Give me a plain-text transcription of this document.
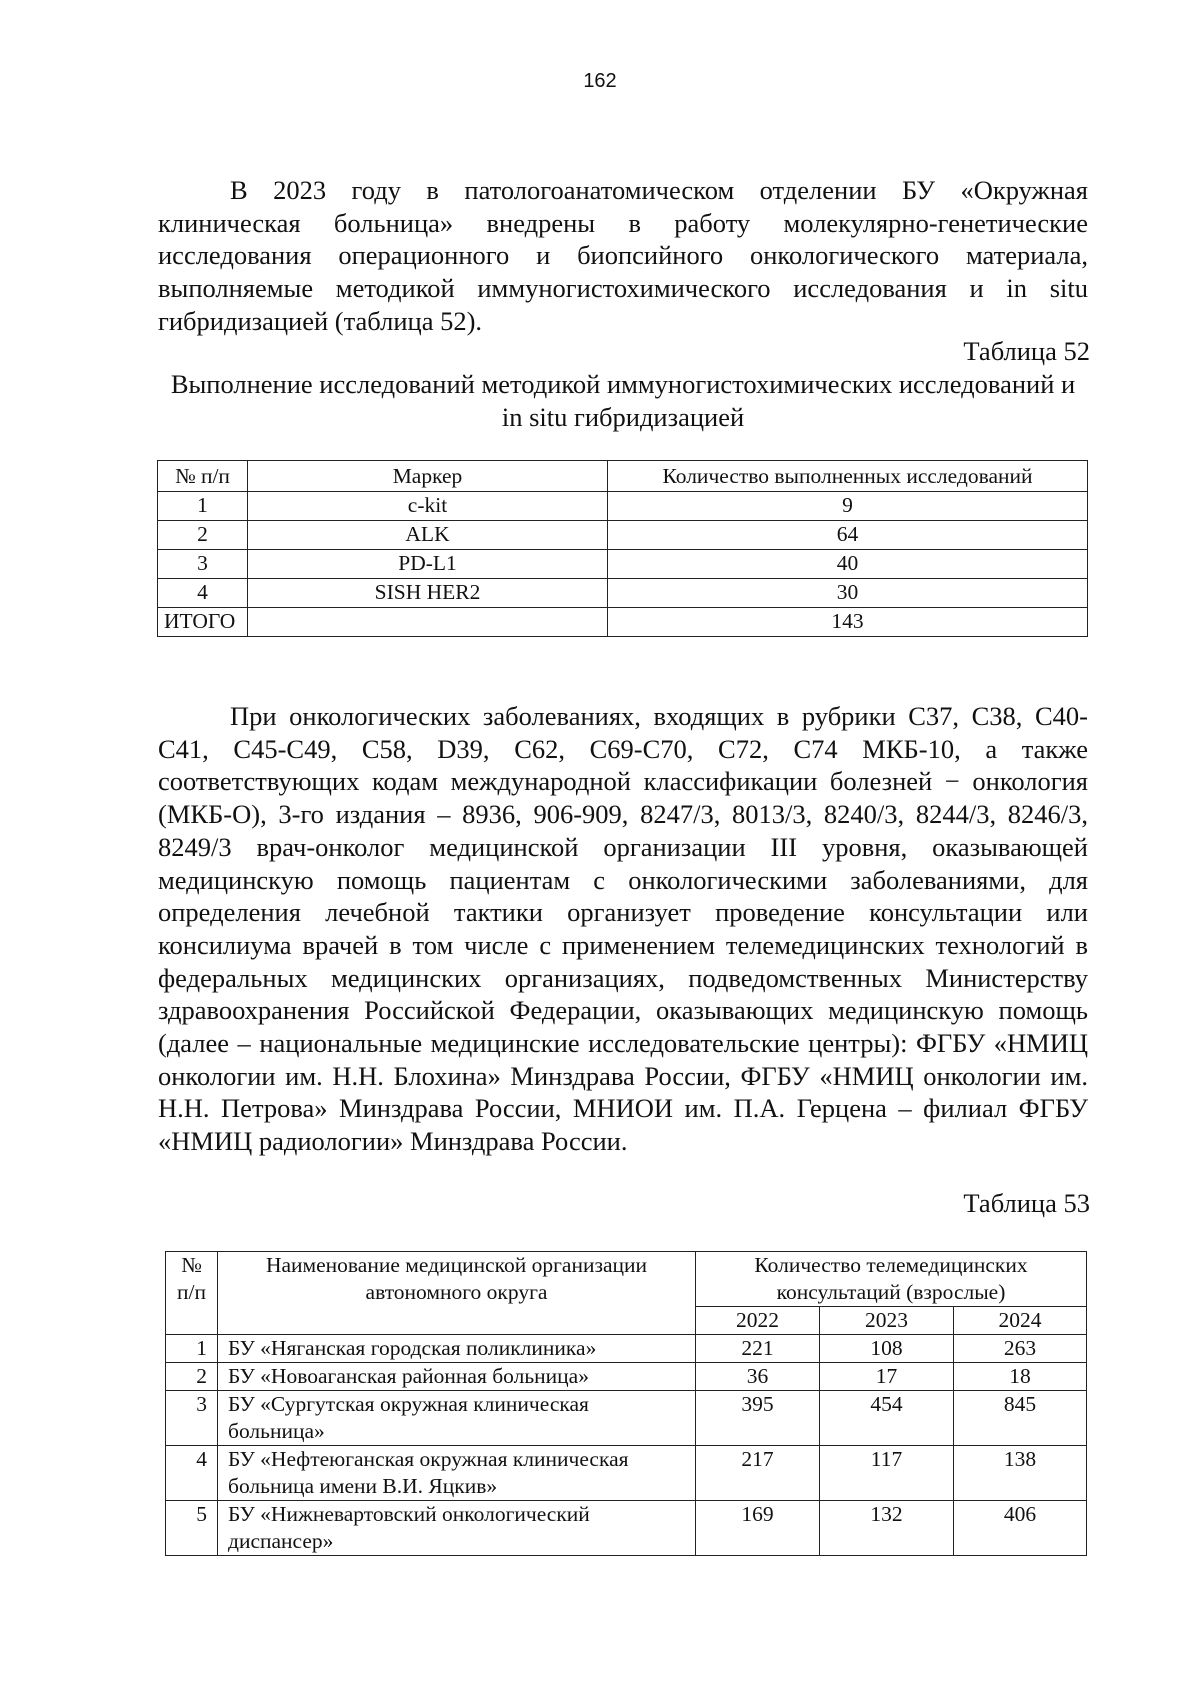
162

В 2023 году в патологоанатомическом отделении БУ «Окружная клиническая больница» внедрены в работу молекулярно-генетические исследования операционного и биопсийного онкологического материала, выполняемые методикой иммуногистохимического исследования и in situ гибридизацией (таблица 52).

Таблица 52

Выполнение исследований методикой иммуногистохимических исследований и in situ гибридизацией

№ п/п	Маркер	Количество выполненных исследований
1	c-kit	9
2	ALK	64
3	PD-L1	40
4	SISH HER2	30
ИТОГО		143

При онкологических заболеваниях, входящих в рубрики С37, С38, С40-С41, С45-С49, С58, D39, С62, С69-С70, С72, С74 МКБ-10, а также соответствующих кодам международной классификации болезней − онкология (МКБ-О), 3-го издания – 8936, 906-909, 8247/3, 8013/3, 8240/3, 8244/3, 8246/3, 8249/3 врач-онколог медицинской организации III уровня, оказывающей медицинскую помощь пациентам с онкологическими заболеваниями, для определения лечебной тактики организует проведение консультации или консилиума врачей в том числе с применением телемедицинских технологий в федеральных медицинских организациях, подведомственных Министерству здравоохранения Российской Федерации, оказывающих медицинскую помощь (далее – национальные медицинские исследовательские центры): ФГБУ «НМИЦ онкологии им. Н.Н. Блохина» Минздрава России, ФГБУ «НМИЦ онкологии им. Н.Н. Петрова» Минздрава России, МНИОИ им. П.А. Герцена – филиал ФГБУ «НМИЦ радиологии» Минздрава России.

Таблица 53
№ п/п	Наименование медицинской организации автономного округа	Количество телемедицинских консультаций (взрослые)		
		2022	2023	2024
1	БУ «Няганская городская поликлиника»	221	108	263
2	БУ «Новоаганская районная больница»	36	17	18
3	БУ «Сургутская окружная клиническая больница»	395	454	845
4	БУ «Нефтеюганская окружная клиническая больница имени В.И. Яцкив»	217	117	138
5	БУ «Нижневартовский онкологический диспансер»	169	132	406
